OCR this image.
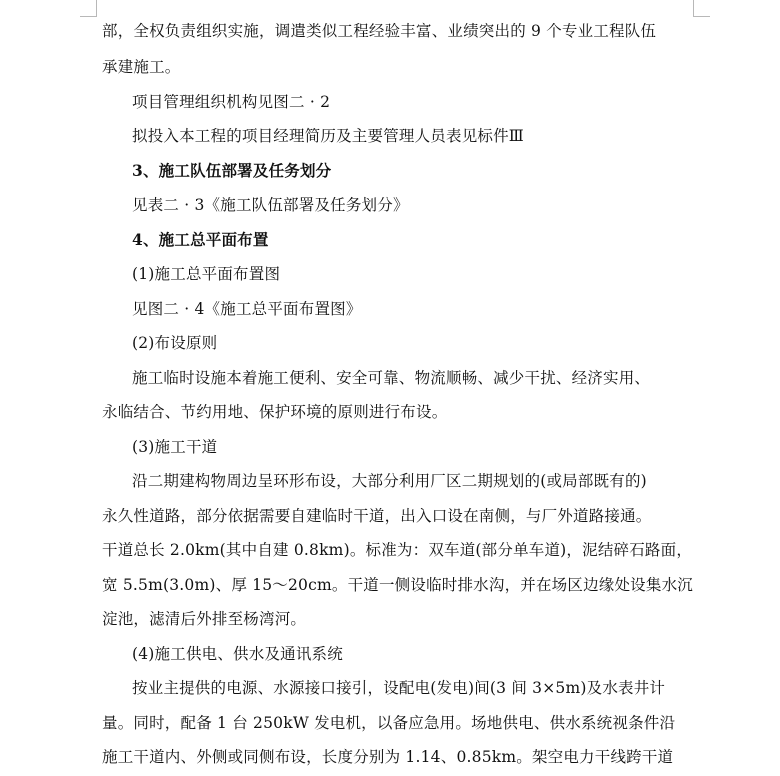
部，全权负责组织实施，调遣类似工程经验丰富、业绩突出的 9 个专业工程队伍
承建施工。
项目管理组织机构见图二 · 2
拟投入本工程的项目经理简历及主要管理人员表见标件Ⅲ
3、施工队伍部署及任务划分
见表二 · 3《施工队伍部署及任务划分》
4、施工总平面布置
(1)施工总平面布置图
见图二 · 4《施工总平面布置图》
(2)布设原则
施工临时设施本着施工便利、安全可靠、物流顺畅、减少干扰、经济实用、
永临结合、节约用地、保护环境的原则进行布设。
(3)施工干道
沿二期建构物周边呈环形布设，大部分利用厂区二期规划的(或局部既有的)
永久性道路，部分依据需要自建临时干道，出入口设在南侧，与厂外道路接通。
干道总长 2.0km(其中自建 0.8km)。标准为：双车道(部分单车道)，泥结碎石路面，
宽 5.5m(3.0m)、厚 15～20cm。干道一侧设临时排水沟，并在场区边缘处设集水沉
淀池，滤清后外排至杨湾河。
(4)施工供电、供水及通讯系统
按业主提供的电源、水源接口接引，设配电(发电)间(3 间 3×5m)及水表井计
量。同时，配备 1 台 250kW 发电机，以备应急用。场地供电、供水系统视条件沿
施工干道内、外侧或同侧布设，长度分别为 1.14、0.85km。架空电力干线跨干道
